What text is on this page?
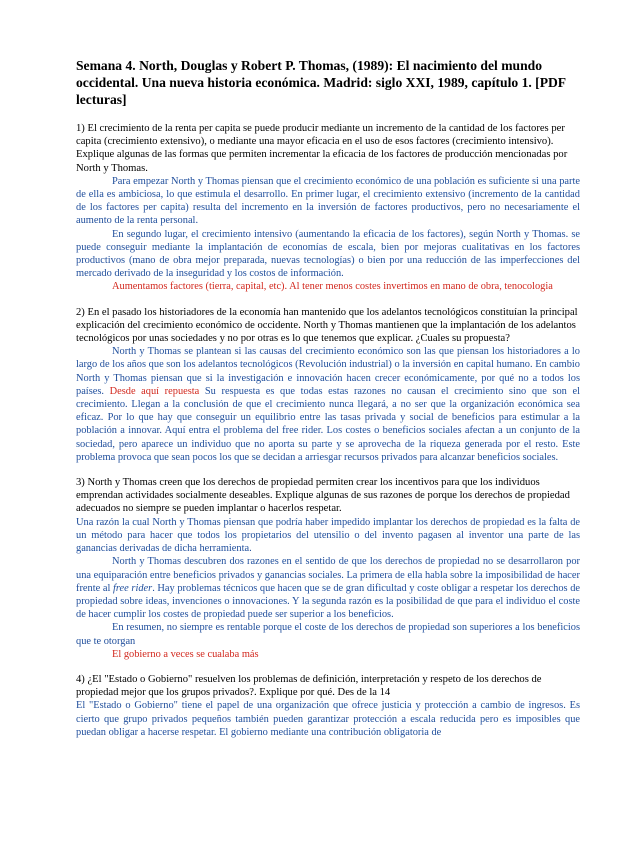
Semana 4. North, Douglas y Robert P. Thomas, (1989): El nacimiento del mundo occidental. Una nueva historia económica. Madrid: siglo XXI, 1989, capítulo 1. [PDF lecturas]

1) El crecimiento de la renta per capita se puede producir mediante un incremento de la cantidad de los factores per capita (crecimiento extensivo), o mediante una mayor eficacia en el uso de esos factores (crecimiento intensivo). Explique algunas de las formas que permiten incrementar la eficacia de los factores de producción mencionadas por North y Thomas.

Para empezar North y Thomas piensan que el crecimiento económico de una población es suficiente si una parte de ella es ambiciosa, lo que estimula el desarrollo. En primer lugar, el crecimiento extensivo (incremento de la cantidad de los factores per capita) resulta del incremento en la inversión de factores productivos, pero no necesariamente el aumento de la renta personal.

En segundo lugar, el crecimiento intensivo (aumentando la eficacia de los factores), según North y Thomas. se puede conseguir mediante la implantación de economías de escala, bien por mejoras cualitativas en los factores productivos (mano de obra mejor preparada, nuevas tecnologías) o bien por una reducción de las imperfecciones del mercado derivado de la inseguridad y los costos de información.

Aumentamos factores (tierra, capital, etc). Al tener menos costes invertimos en mano de obra, tenocologia

2) En el pasado los historiadores de la economía han mantenido que los adelantos tecnológicos constituían la principal explicación del crecimiento económico de occidente. North y Thomas mantienen que la implantación de los adelantos tecnológicos por unas sociedades y no por otras es lo que tenemos que explicar. ¿Cuales su propuesta?

North y Thomas se plantean si las causas del crecimiento económico son las que piensan los historiadores a lo largo de los años que son los adelantos tecnológicos (Revolución industrial) o la inversión en capital humano. En cambio North y Thomas piensan que si la investigación e innovación hacen crecer económicamente, por qué no a todos los países. Desde aquí repuesta Su respuesta es que todas estas razones no causan el crecimiento sino que son el crecimiento. Llegan a la conclusión de que el crecimiento nunca llegará, a no ser que la organización económica sea eficaz. Por lo que hay que conseguir un equilibrio entre las tasas privada y social de beneficios para estimular a la población a innovar. Aquí entra el problema del free rider. Los costes o beneficios sociales afectan a un conjunto de la sociedad, pero aparece un individuo que no aporta su parte y se aprovecha de la riqueza generada por el resto. Este problema provoca que sean pocos los que se decidan a arriesgar recursos privados para alcanzar beneficios sociales.

3) North y Thomas creen que los derechos de propiedad permiten crear los incentivos para que los individuos emprendan actividades socialmente deseables. Explique algunas de sus razones de porque los derechos de propiedad adecuados no siempre se pueden implantar o hacerlos respetar.

Una razón la cual North y Thomas piensan que podría haber impedido implantar los derechos de propiedad es la falta de un método para hacer que todos los propietarios del utensilio o del invento pagasen al inventor una parte de las ganancias derivadas de dicha herramienta.

North y Thomas descubren dos razones en el sentido de que los derechos de propiedad no se desarrollaron por una equiparación entre beneficios privados y ganancias sociales. La primera de ella habla sobre la imposibilidad de hacer frente al free rider. Hay problemas técnicos que hacen que se de gran dificultad y coste obligar a respetar los derechos de propiedad sobre ideas, invenciones o innovaciones. Y la segunda razón es la posibilidad de que para el individuo el coste de hacer cumplir los costes de propiedad puede ser superior a los beneficios.

En resumen, no siempre es rentable porque el coste de los derechos de propiedad son superiores a los beneficios que te otorgan

El gobierno a veces se cualaba más

4) ¿El "Estado o Gobierno" resuelven los problemas de definición, interpretación y respeto de los derechos de propiedad mejor que los grupos privados?. Explique por qué. Des de la 14

El "Estado o Gobierno" tiene el papel de una organización que ofrece justicia y protección a cambio de ingresos. Es cierto que grupo privados pequeños también pueden garantizar protección a escala reducida pero es imposibles que puedan obligar a hacerse respetar. El gobierno mediante una contribución obligatoria de
